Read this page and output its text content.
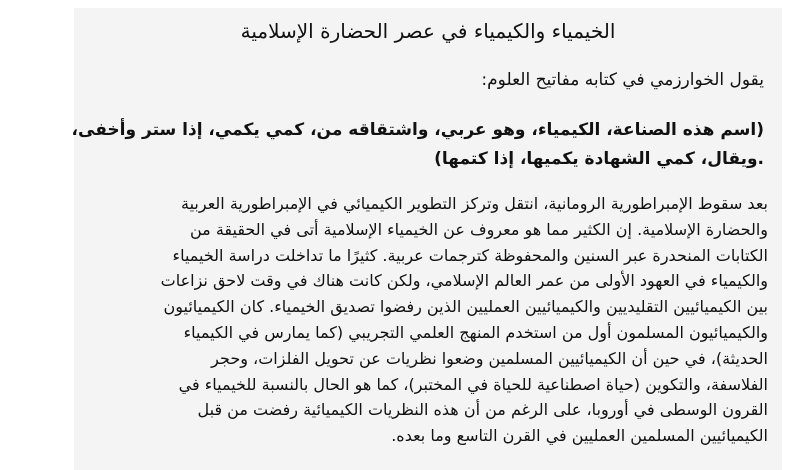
الخيمياء والكيمياء في عصر الحضارة الإسلامية

يقول الخوارزمي في كتابه مفاتيح العلوم:

(اسم هذه الصناعة، الكيمياء، وهو عربي، واشتقاقه من، كمي يكمي، إذا ستر وأخفى،
.ويقال، كمي الشهادة يكميها، إذا كتمها)
بعد سقوط الإمبراطورية الرومانية، انتقل وتركز التطوير الكيميائي في الإمبراطورية العربية
والحضارة الإسلامية. إن الكثير مما هو معروف عن الخيمياء الإسلامية أتى في الحقيقة من
الكتابات المنحدرة عبر السنين والمحفوظة كترجمات عربية. كثيرًا ما تداخلت دراسة الخيمياء
والكيمياء في العهود الأولى من عمر العالم الإسلامي، ولكن كانت هناك في وقت لاحق نزاعات
بين الكيميائيين التقليديين والكيميائيين العمليين الذين رفضوا تصديق الخيمياء. كان الكيميائيون
والكيميائيون المسلمون أول من استخدم المنهج العلمي التجريبي (كما يمارس في الكيمياء
الحديثة)، في حين أن الكيميائيين المسلمين وضعوا نظريات عن تحويل الفلزات، وحجر
الفلاسفة، والتكوين (حياة اصطناعية للحياة في المختبر)، كما هو الحال بالنسبة للخيمياء في
القرون الوسطى في أوروبا، على الرغم من أن هذه النظريات الكيميائية رفضت من قبل
الكيميائيين المسلمين العمليين في القرن التاسع وما بعده.
